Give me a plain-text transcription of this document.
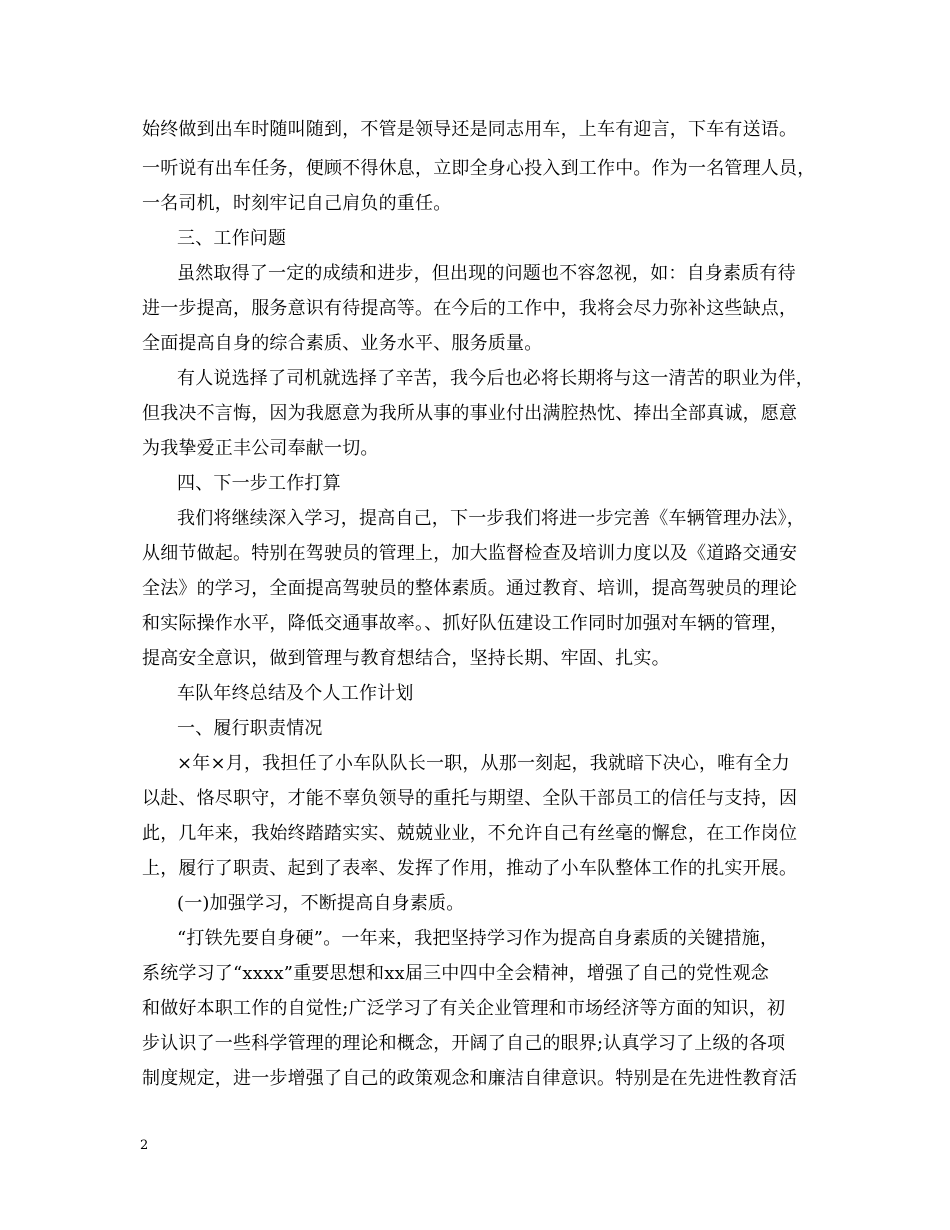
始终做到出车时随叫随到，不管是领导还是同志用车，上车有迎言，下车有送语。
一听说有出车任务，便顾不得休息，立即全身心投入到工作中。作为一名管理人员，
一名司机，时刻牢记自己肩负的重任。
三、工作问题
虽然取得了一定的成绩和进步，但出现的问题也不容忽视，如：自身素质有待
进一步提高，服务意识有待提高等。在今后的工作中，我将会尽力弥补这些缺点，
全面提高自身的综合素质、业务水平、服务质量。
有人说选择了司机就选择了辛苦，我今后也必将长期将与这一清苦的职业为伴，
但我决不言悔，因为我愿意为我所从事的事业付出满腔热忱、捧出全部真诚，愿意
为我挚爱正丰公司奉献一切。
四、下一步工作打算
我们将继续深入学习，提高自己，下一步我们将进一步完善《车辆管理办法》，
从细节做起。特别在驾驶员的管理上，加大监督检查及培训力度以及《道路交通安
全法》的学习，全面提高驾驶员的整体素质。通过教育、培训，提高驾驶员的理论
和实际操作水平，降低交通事故率。、抓好队伍建设工作同时加强对车辆的管理，
提高安全意识，做到管理与教育想结合，坚持长期、牢固、扎实。
车队年终总结及个人工作计划
一、履行职责情况
×年×月，我担任了小车队队长一职，从那一刻起，我就暗下决心，唯有全力
以赴、恪尽职守，才能不辜负领导的重托与期望、全队干部员工的信任与支持，因
此，几年来，我始终踏踏实实、兢兢业业，不允许自己有丝毫的懈怠，在工作岗位
上，履行了职责、起到了表率、发挥了作用，推动了小车队整体工作的扎实开展。
(一)加强学习，不断提高自身素质。
“打铁先要自身硬”。一年来，我把坚持学习作为提高自身素质的关键措施，
系统学习了“xxxx”重要思想和xx届三中四中全会精神，增强了自己的党性观念
和做好本职工作的自觉性;广泛学习了有关企业管理和市场经济等方面的知识，初
步认识了一些科学管理的理论和概念，开阔了自己的眼界;认真学习了上级的各项
制度规定，进一步增强了自己的政策观念和廉洁自律意识。特别是在先进性教育活
2
